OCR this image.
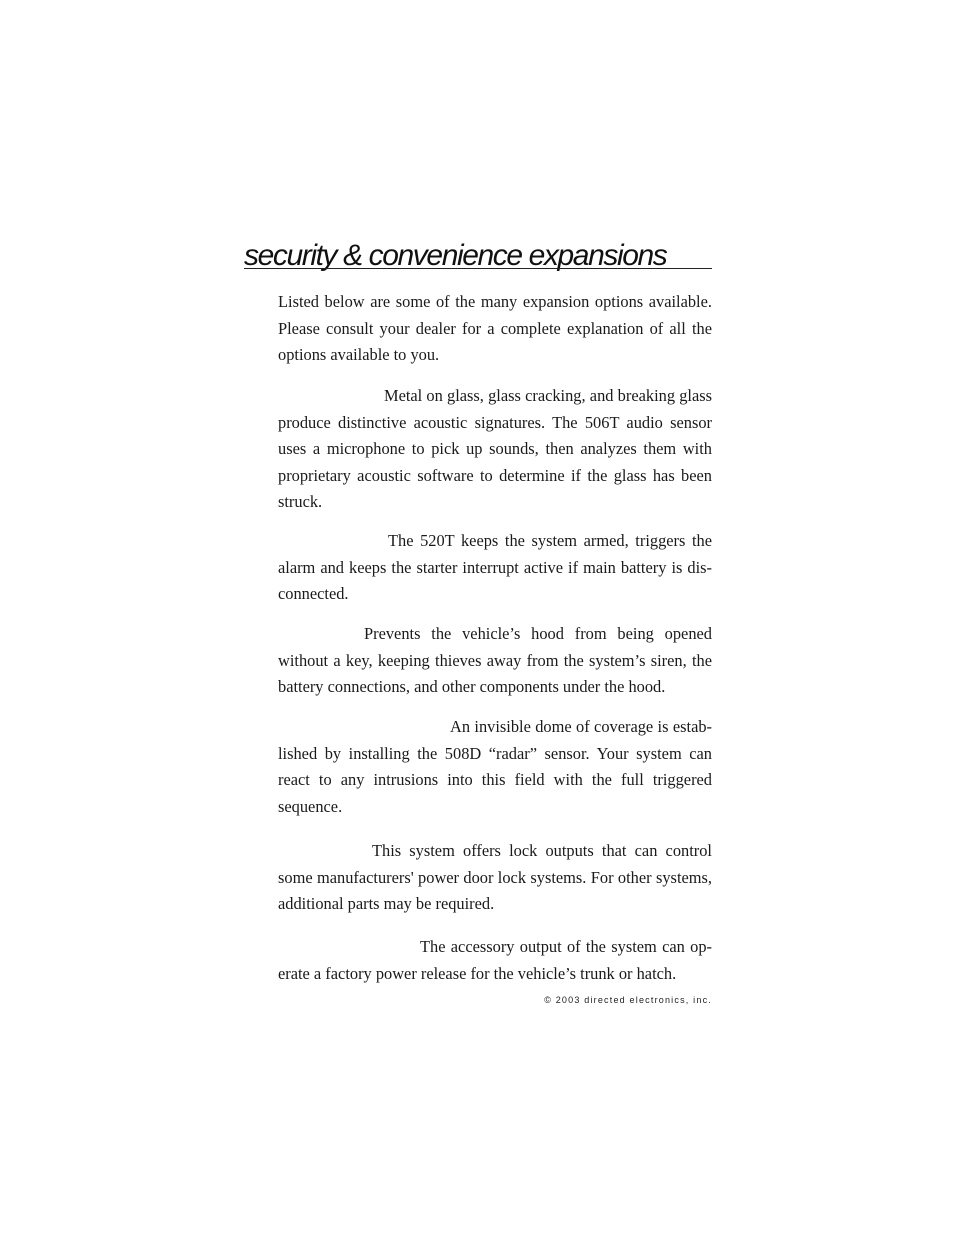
security & convenience expansions

Listed below are some of the many expansion options available. Please consult your dealer for a complete explanation of all the options available to you.

Metal on glass, glass cracking, and breaking glass produce distinctive acoustic signatures. The 506T audio sensor uses a microphone to pick up sounds, then analyzes them with proprietary acoustic software to determine if the glass has been struck.

The 520T keeps the system armed, triggers the alarm and keeps the starter interrupt active if main battery is dis-connected.

Prevents the vehicle’s hood from being opened without a key, keeping thieves away from the system’s siren, the battery connections, and other components under the hood.

An invisible dome of coverage is estab-lished by installing the 508D “radar” sensor. Your system can react to any intrusions into this field with the full triggered sequence.

This system offers lock outputs that can control some manufacturers' power door lock systems. For other systems, additional parts may be required.

The accessory output of the system can op-erate a factory power release for the vehicle’s trunk or hatch.

© 2003 directed electronics, inc.
